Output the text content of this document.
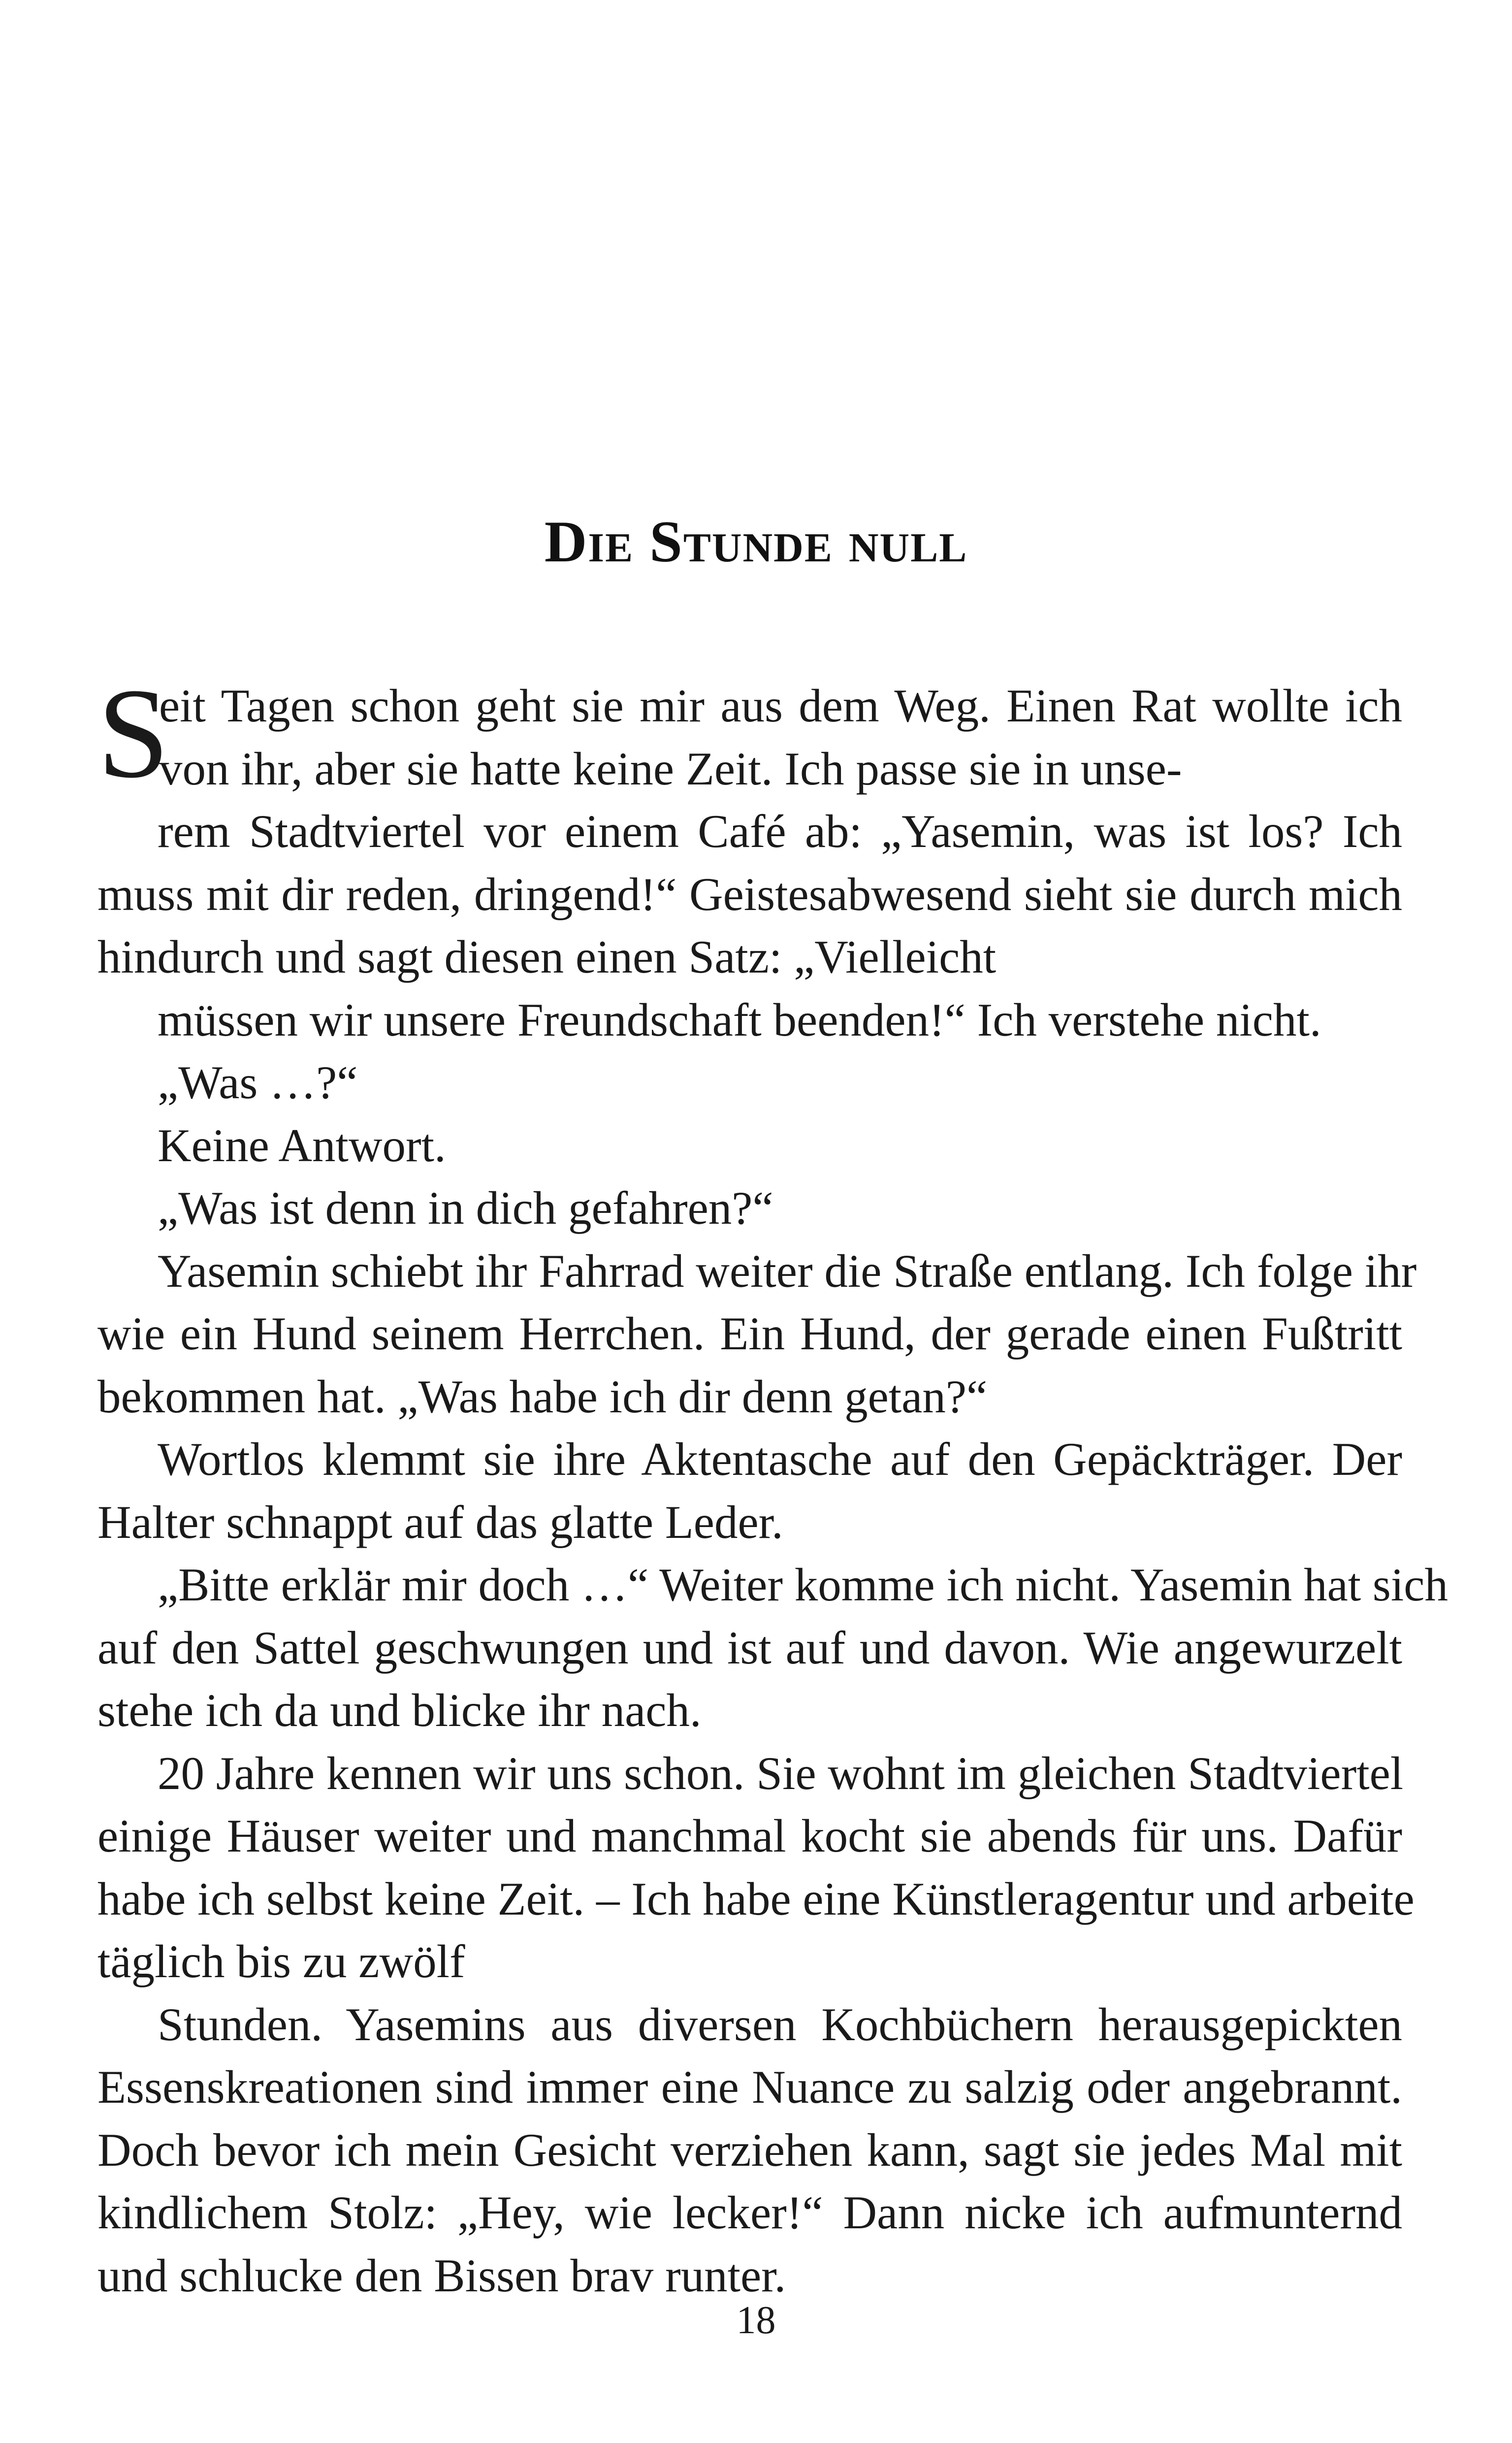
Die Stunde null
S
eit Tagen schon geht sie mir aus dem Weg. Einen Rat wollte ich
von ihr, aber sie hatte keine Zeit. Ich passe sie in unse-
rem Stadtviertel vor einem Café ab: „Yasemin, was ist los? Ich
muss mit dir reden, dringend!“ Geistesabwesend sieht sie durch mich
hindurch und sagt diesen einen Satz: „Vielleicht
müssen wir unsere Freundschaft beenden!“ Ich verstehe nicht.
„Was …?“
Keine Antwort.
„Was ist denn in dich gefahren?“
Yasemin schiebt ihr Fahrrad weiter die Straße entlang. Ich folge ihr
wie ein Hund seinem Herrchen. Ein Hund, der gerade einen Fußtritt
bekommen hat. „Was habe ich dir denn getan?“
Wortlos klemmt sie ihre Aktentasche auf den Gepäckträger. Der
Halter schnappt auf das glatte Leder.
„Bitte erklär mir doch …“ Weiter komme ich nicht. Yasemin hat sich
auf den Sattel geschwungen und ist auf und davon. Wie angewurzelt
stehe ich da und blicke ihr nach.
20 Jahre kennen wir uns schon. Sie wohnt im gleichen Stadtviertel
einige Häuser weiter und manchmal kocht sie abends für uns. Dafür
habe ich selbst keine Zeit. – Ich habe eine Künstleragentur und arbeite
täglich bis zu zwölf
Stunden. Yasemins aus diversen Kochbüchern herausgepickten
Essenskreationen sind immer eine Nuance zu salzig oder angebrannt.
Doch bevor ich mein Gesicht verziehen kann, sagt sie jedes Mal mit
kindlichem Stolz: „Hey, wie lecker!“ Dann nicke ich aufmunternd
und schlucke den Bissen brav runter.
18
